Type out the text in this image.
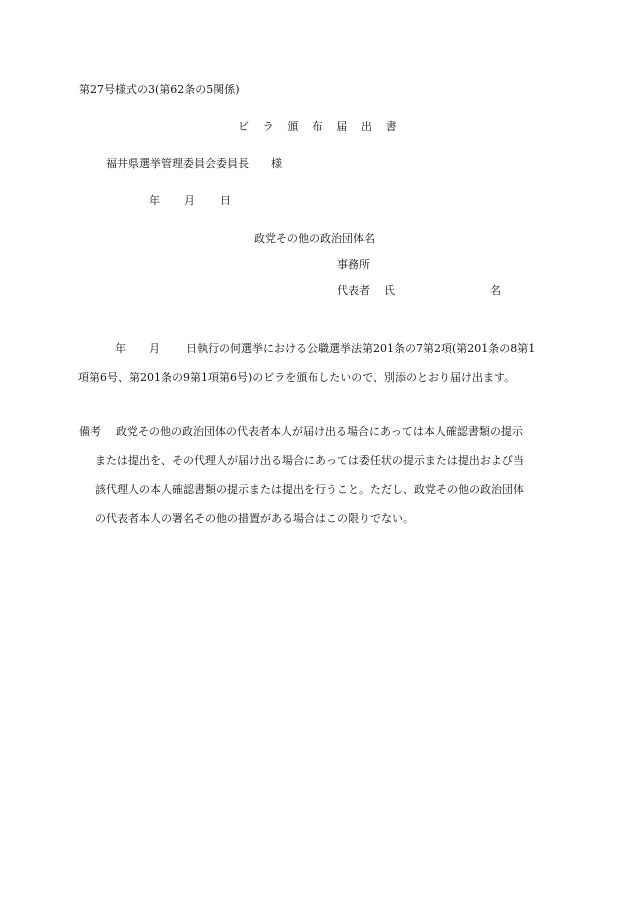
第27号様式の3(第62条の5関係)
ビラ頒布届出書
福井県選挙管理委員会委員長　　様
年 月 日
政党その他の政治団体名
事務所
代表者 氏	名
年 月 日執行の何選挙における公職選挙法第201条の7第2項(第201条の8第1
項第6号、第201条の9第1項第6号)のビラを頒布したいので、別添のとおり届け出ます。
備考 政党その他の政治団体の代表者本人が届け出る場合にあっては本人確認書類の提示
または提出を、その代理人が届け出る場合にあっては委任状の提示または提出および当
該代理人の本人確認書類の提示または提出を行うこと。ただし、政党その他の政治団体
の代表者本人の署名その他の措置がある場合はこの限りでない。
